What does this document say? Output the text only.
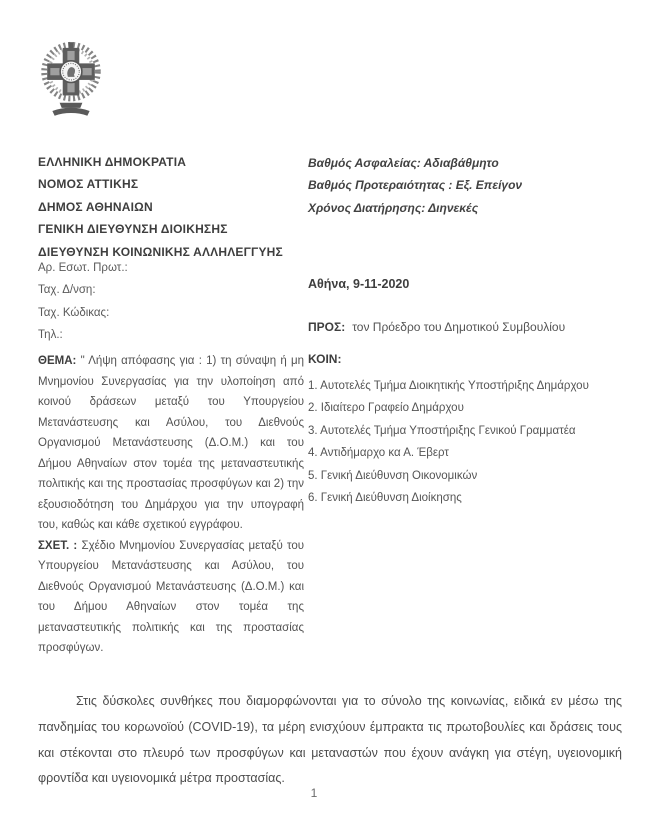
ΕΛΛΗΝΙΚΗ ΔΗΜΟΚΡΑΤΙΑ
ΝΟΜΟΣ ΑΤΤΙΚΗΣ
ΔΗΜΟΣ ΑΘΗΝΑΙΩΝ
ΓΕΝΙΚΗ ΔΙΕΥΘΥΝΣΗ ΔΙΟΙΚΗΣΗΣ
ΔΙΕΥΘΥΝΣΗ ΚΟΙΝΩΝΙΚΗΣ ΑΛΛΗΛΕΓΓΥΗΣ
Βαθμός Ασφαλείας: Αδιαβάθμητο
Βαθμός Προτεραιότητας : Εξ. Επείγον
Χρόνος Διατήρησης: Διηνεκές
Αρ. Εσωτ. Πρωτ.:
Ταχ. Δ/νση:
Ταχ. Κώδικας:
Τηλ.:
Αθήνα, 9-11-2020
ΠΡΟΣ: τον Πρόεδρο του Δημοτικού Συμβουλίου

ΘΕΜΑ: " Λήψη απόφασης για : 1) τη σύναψη ή μη Μνημονίου Συνεργασίας για την υλοποίηση από κοινού δράσεων μεταξύ του Υπουργείου Μετανάστευσης και Ασύλου, του Διεθνούς Οργανισμού Μετανάστευσης (Δ.Ο.Μ.) και του Δήμου Αθηναίων στον τομέα της μεταναστευτικής πολιτικής και της προστασίας προσφύγων και 2) την εξουσιοδότηση του Δημάρχου για την υπογραφή του, καθώς και κάθε σχετικού εγγράφου.

ΣΧΕΤ. : Σχέδιο Μνημονίου Συνεργασίας μεταξύ του Υπουργείου Μετανάστευσης και Ασύλου, του Διεθνούς Οργανισμού Μετανάστευσης (Δ.Ο.Μ.) και του Δήμου Αθηναίων στον τομέα της μεταναστευτικής πολιτικής και της προστασίας προσφύγων.

ΚΟΙΝ:
1. Αυτοτελές Τμήμα Διοικητικής Υποστήριξης Δημάρχου
2. Ιδιαίτερο Γραφείο Δημάρχου
3. Αυτοτελές Τμήμα Υποστήριξης Γενικού Γραμματέα
4. Αντιδήμαρχο κα Α. Έβερτ
5. Γενική Διεύθυνση Οικονομικών
6. Γενική Διεύθυνση Διοίκησης

Στις δύσκολες συνθήκες που διαμορφώνονται για το σύνολο της κοινωνίας, ειδικά εν μέσω της πανδημίας του κορωνοϊού (COVID-19), τα μέρη ενισχύουν έμπρακτα τις πρωτοβουλίες και δράσεις τους και στέκονται στο πλευρό των προσφύγων και μεταναστών που έχουν ανάγκη για στέγη, υγειονομική φροντίδα και υγειονομικά μέτρα προστασίας.

1
